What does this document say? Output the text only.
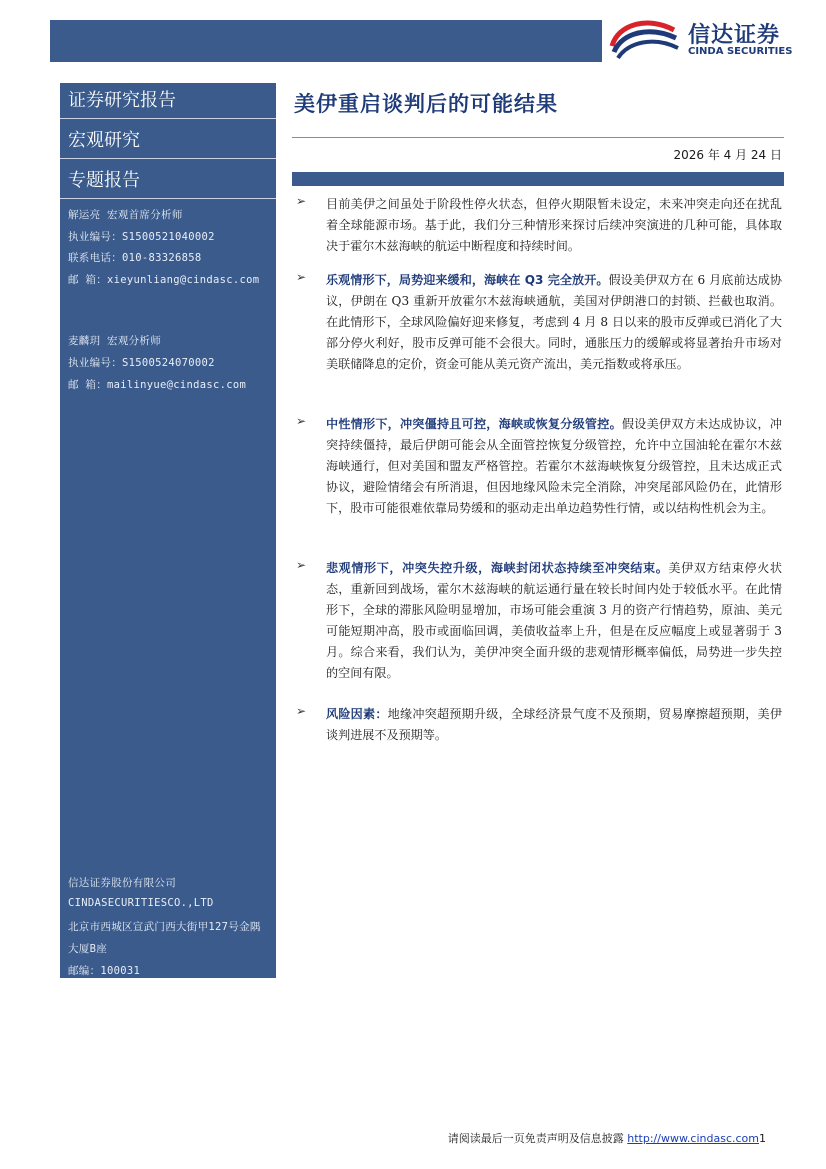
信达证券
CINDA SECURITIES
证券研究报告
宏观研究
专题报告
解运亮 宏观首席分析师
执业编号：S1500521040002
联系电话：010-83326858
邮 箱：xieyunliang@cindasc.com
麦麟玥 宏观分析师
执业编号：S1500524070002
邮 箱：mailinyue@cindasc.com
信达证券股份有限公司
CINDASECURITIESCO.,LTD
北京市西城区宣武门西大街甲127号金隅
大厦B座
邮编：100031
美伊重启谈判后的可能结果
2026 年 4 月 24 日
➢ 目前美伊之间虽处于阶段性停火状态，但停火期限暂未设定，未来冲突走向还在扰乱着全球能源市场。基于此，我们分三种情形来探讨后续冲突演进的几种可能，具体取决于霍尔木兹海峡的航运中断程度和持续时间。
➢ 乐观情形下，局势迎来缓和，海峡在 Q3 完全放开。假设美伊双方在 6 月底前达成协议，伊朗在 Q3 重新开放霍尔木兹海峡通航，美国对伊朗港口的封锁、拦截也取消。在此情形下，全球风险偏好迎来修复，考虑到 4 月 8 日以来的股市反弹或已消化了大部分停火利好，股市反弹可能不会很大。同时，通胀压力的缓解或将显著抬升市场对美联储降息的定价，资金可能从美元资产流出，美元指数或将承压。
➢ 中性情形下，冲突僵持且可控，海峡或恢复分级管控。假设美伊双方未达成协议，冲突持续僵持，最后伊朗可能会从全面管控恢复分级管控，允许中立国油轮在霍尔木兹海峡通行，但对美国和盟友严格管控。若霍尔木兹海峡恢复分级管控，且未达成正式协议，避险情绪会有所消退，但因地缘风险未完全消除，冲突尾部风险仍在，此情形下，股市可能很难依靠局势缓和的驱动走出单边趋势性行情，或以结构性机会为主。
➢ 悲观情形下，冲突失控升级，海峡封闭状态持续至冲突结束。美伊双方结束停火状态，重新回到战场，霍尔木兹海峡的航运通行量在较长时间内处于较低水平。在此情形下，全球的滞胀风险明显增加，市场可能会重演 3 月的资产行情趋势，原油、美元可能短期冲高，股市或面临回调，美债收益率上升，但是在反应幅度上或显著弱于 3 月。综合来看，我们认为，美伊冲突全面升级的悲观情形概率偏低，局势进一步失控的空间有限。
➢ 风险因素：地缘冲突超预期升级，全球经济景气度不及预期，贸易摩擦超预期，美伊谈判进展不及预期等。
请阅读最后一页免责声明及信息披露 http://www.cindasc.com1
